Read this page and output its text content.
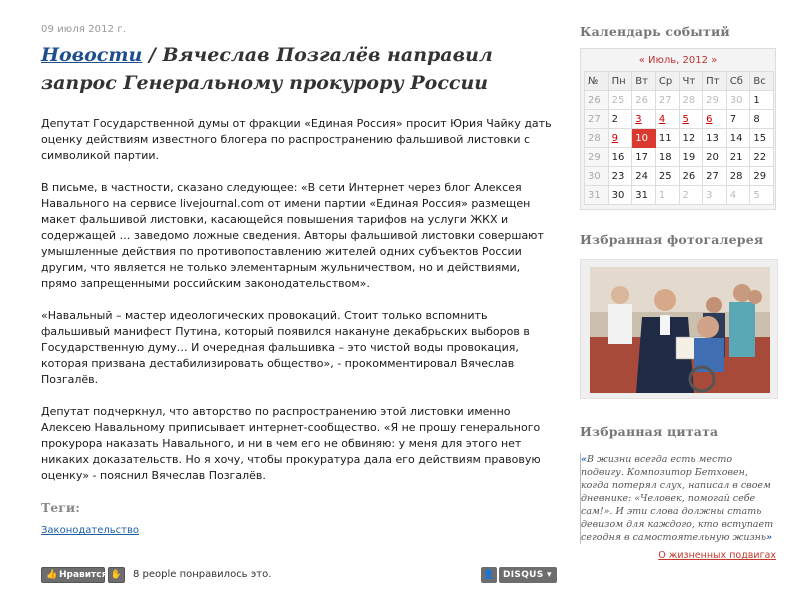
09 июля 2012 г.
Новости / Вячеслав Позгалёв направил запрос Генеральному прокурору России

Депутат Государственной думы от фракции «Единая Россия» просит Юрия Чайку дать оценку действиям известного блогера по распространению фальшивой листовки с символикой партии.

В письме, в частности, сказано следующее: «В сети Интернет через блог Алексея Навального на сервисе livejournal.com от имени партии «Единая Россия» размещен макет фальшивой листовки, касающейся повышения тарифов на услуги ЖКХ и содержащей … заведомо ложные сведения. Авторы фальшивой листовки совершают умышленные действия по противопоставлению жителей одних субъектов России другим, что является не только элементарным жульничеством, но и действиями, прямо запрещенными российским законодательством».

«Навальный – мастер идеологических провокаций. Стоит только вспомнить фальшивый манифест Путина, который появился накануне декабрьских выборов в Государственную думу… И очередная фальшивка – это чистой воды провокация, которая призвана дестабилизировать общество», - прокомментировал Вячеслав Позгалёв.

Депутат подчеркнул, что авторство по распространению этой листовки именно Алексею Навальному приписывает интернет-сообщество. «Я не прошу генерального прокурора наказать Навального, и ни в чем его не обвиняю: у меня для этого нет никаких доказательств. Но я хочу, чтобы прокуратура дала его действиям правовую оценку» - пояснил Вячеслав Позгалёв.

Теги:
Законодательство
👍 Нравится ✋ 8 people понравилось это.	👤 DISQUS ▾
Календарь событий
« Июль, 2012 »
№	Пн	Вт	Ср	Чт	Пт	Сб	Вс
26	25	26	27	28	29	30	1
27	2	3	4	5	6	7	8
28	9	10	11	12	13	14	15
29	16	17	18	19	20	21	22
30	23	24	25	26	27	28	29
31	30	31	1	2	3	4	5
Избранная фотогалерея
Избранная цитата
«В жизни всегда есть место подвигу. Композитор Бетховен, когда потерял слух, написал в своем дневнике: «Человек, помогай себе сам!». И эти слова должны стать девизом для каждого, кто вступает сегодня в самостоятельную жизнь»
О жизненных подвигах
